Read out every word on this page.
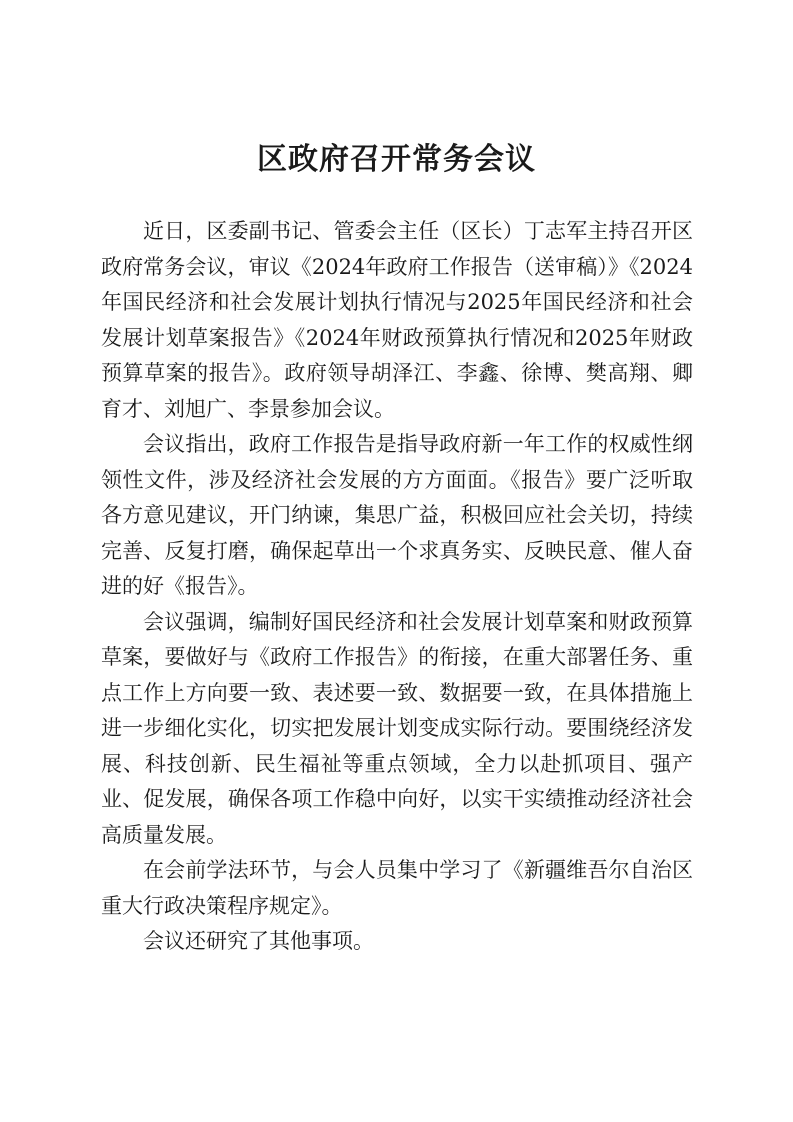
区政府召开常务会议

近日，区委副书记、管委会主任（区长）丁志军主持召开区政府常务会议，审议《2024年政府工作报告（送审稿）》《2024年国民经济和社会发展计划执行情况与2025年国民经济和社会发展计划草案报告》《2024年财政预算执行情况和2025年财政预算草案的报告》。政府领导胡泽江、李鑫、徐博、樊高翔、卿育才、刘旭广、李景参加会议。

会议指出，政府工作报告是指导政府新一年工作的权威性纲领性文件，涉及经济社会发展的方方面面。《报告》要广泛听取各方意见建议，开门纳谏，集思广益，积极回应社会关切，持续完善、反复打磨，确保起草出一个求真务实、反映民意、催人奋进的好《报告》。

会议强调，编制好国民经济和社会发展计划草案和财政预算草案，要做好与《政府工作报告》的衔接，在重大部署任务、重点工作上方向要一致、表述要一致、数据要一致，在具体措施上进一步细化实化，切实把发展计划变成实际行动。要围绕经济发展、科技创新、民生福祉等重点领域，全力以赴抓项目、强产业、促发展，确保各项工作稳中向好，以实干实绩推动经济社会高质量发展。

在会前学法环节，与会人员集中学习了《新疆维吾尔自治区重大行政决策程序规定》。

会议还研究了其他事项。
